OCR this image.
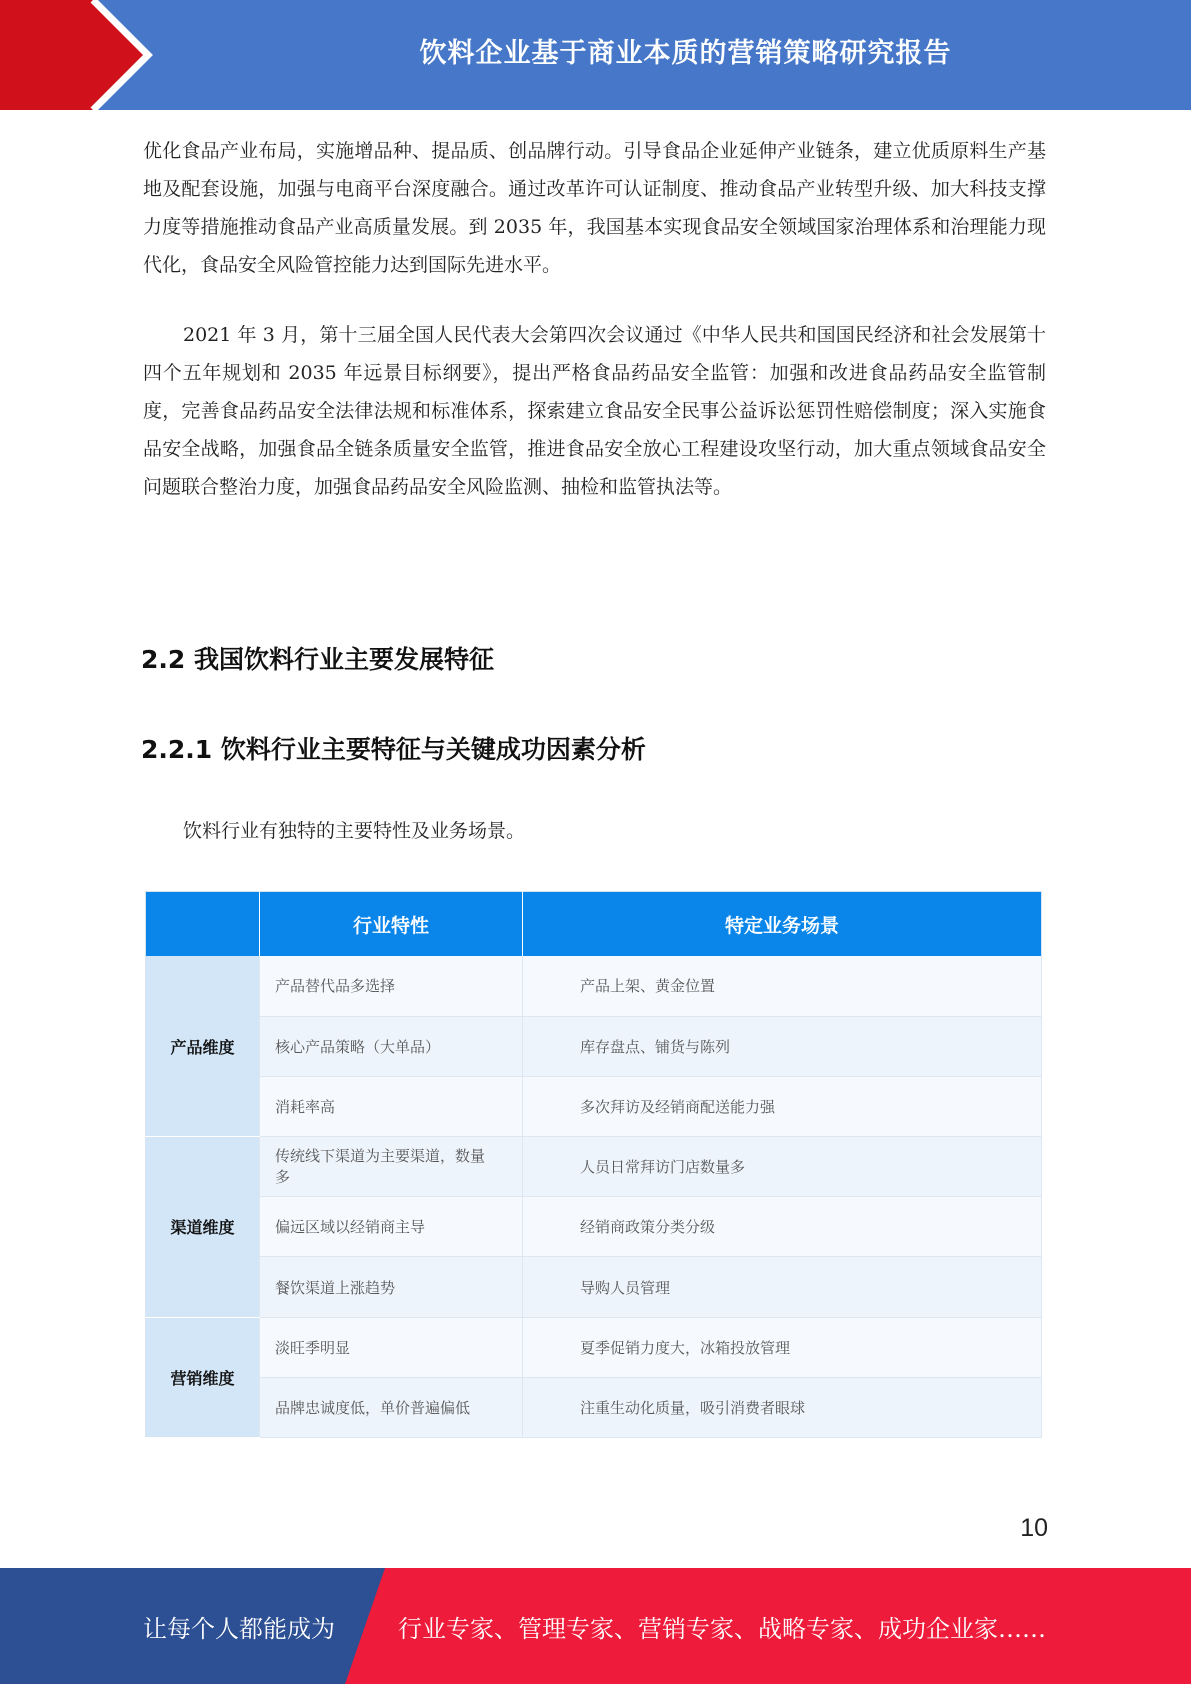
饮料企业基于商业本质的营销策略研究报告

优化食品产业布局，实施增品种、提品质、创品牌行动。引导食品企业延伸产业链条，建立优质原料生产基地及配套设施，加强与电商平台深度融合。通过改革许可认证制度、推动食品产业转型升级、加大科技支撑力度等措施推动食品产业高质量发展。到 2035 年，我国基本实现食品安全领域国家治理体系和治理能力现代化，食品安全风险管控能力达到国际先进水平。

2021 年 3 月，第十三届全国人民代表大会第四次会议通过《中华人民共和国国民经济和社会发展第十四个五年规划和 2035 年远景目标纲要》，提出严格食品药品安全监管：加强和改进食品药品安全监管制度，完善食品药品安全法律法规和标准体系，探索建立食品安全民事公益诉讼惩罚性赔偿制度；深入实施食品安全战略，加强食品全链条质量安全监管，推进食品安全放心工程建设攻坚行动，加大重点领域食品安全问题联合整治力度，加强食品药品安全风险监测、抽检和监管执法等。

2.2 我国饮料行业主要发展特征
2.2.1 饮料行业主要特征与关键成功因素分析

饮料行业有独特的主要特性及业务场景。

	行业特性	特定业务场景
产品维度	产品替代品多选择	产品上架、黄金位置
	核心产品策略（大单品）	库存盘点、铺货与陈列
	消耗率高	多次拜访及经销商配送能力强
渠道维度	传统线下渠道为主要渠道，数量多	人员日常拜访门店数量多
	偏远区域以经销商主导	经销商政策分类分级
	餐饮渠道上涨趋势	导购人员管理
营销维度	淡旺季明显	夏季促销力度大，冰箱投放管理
	品牌忠诚度低，单价普遍偏低	注重生动化质量，吸引消费者眼球
10
让每个人都能成为	行业专家、管理专家、营销专家、战略专家、成功企业家……
